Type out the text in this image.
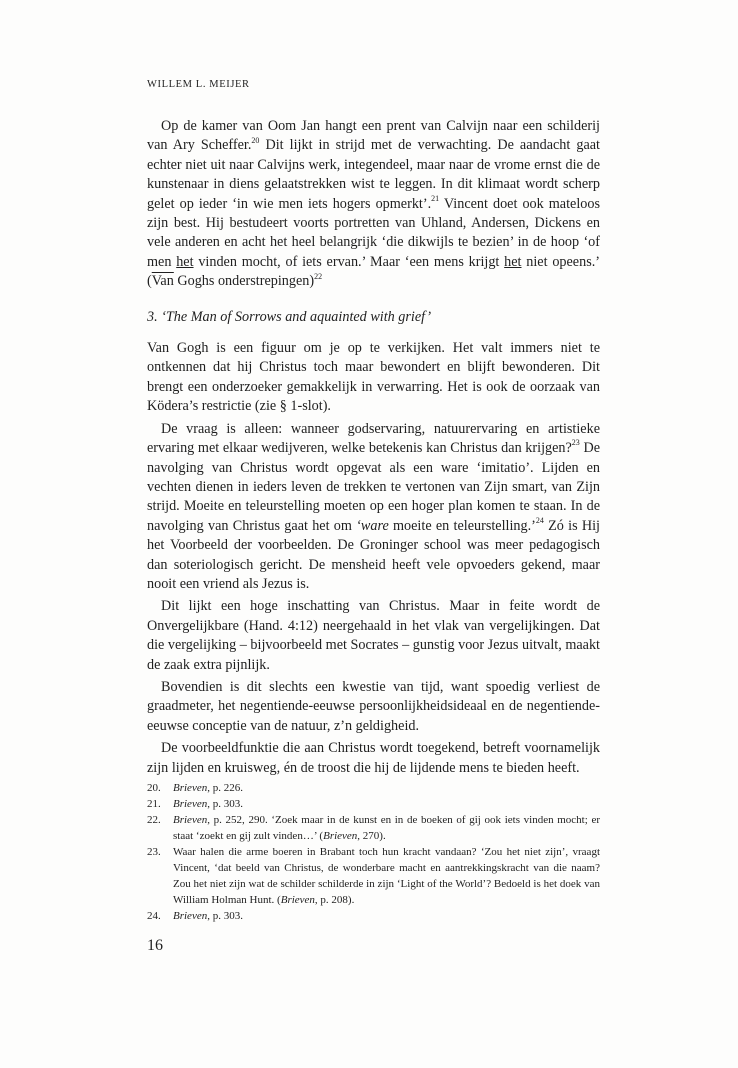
WILLEM L. MEIJER

Op de kamer van Oom Jan hangt een prent van Calvijn naar een schilderij van Ary Scheffer.$^{20}$ Dit lijkt in strijd met de verwachting. De aandacht gaat echter niet uit naar Calvijns werk, integendeel, maar naar de vrome ernst die de kunstenaar in diens gelaatstrekken wist te leggen. In dit klimaat wordt scherp gelet op ieder ‘in wie men iets hogers opmerkt’.$^{21}$ Vincent doet ook mateloos zijn best. Hij bestudeert voorts portretten van Uhland, Andersen, Dickens en vele anderen en acht het heel belangrijk ‘die dikwijls te bezien’ in de hoop ‘of men het vinden mocht, of iets ervan.’ Maar ‘een mens krijgt het niet opeens.’ ($\overline{Van}$ Goghs onderstrepingen)$^{22}$

3. ‘The Man of Sorrows and aquainted with grief’

Van Gogh is een figuur om je op te verkijken. Het valt immers niet te ontkennen dat hij Christus toch maar bewondert en blijft bewonderen. Dit brengt een onderzoeker gemakkelijk in verwarring. Het is ook de oorzaak van Ködera’s restrictie (zie § 1-slot).

De vraag is alleen: wanneer godservaring, natuurervaring en artistieke ervaring met elkaar wedijveren, welke betekenis kan Christus dan krijgen?$^{23}$ De navolging van Christus wordt opgevat als een ware ‘imitatio’. Lijden en vechten dienen in ieders leven de trekken te vertonen van Zijn smart, van Zijn strijd. Moeite en teleurstelling moeten op een hoger plan komen te staan. In de navolging van Christus gaat het om ‘ware moeite en teleurstelling.’$^{24}$ Zó is Hij het Voorbeeld der voorbeelden. De Groninger school was meer pedagogisch dan soteriologisch gericht. De mensheid heeft vele opvoeders gekend, maar nooit een vriend als Jezus is.

Dit lijkt een hoge inschatting van Christus. Maar in feite wordt de Onvergelijkbare (Hand. 4:12) neergehaald in het vlak van vergelijkingen. Dat die vergelijking – bijvoorbeeld met Socrates – gunstig voor Jezus uitvalt, maakt de zaak extra pijnlijk.

Bovendien is dit slechts een kwestie van tijd, want spoedig verliest de graadmeter, het negentiende-eeuwse persoonlijkheidsideaal en de negentiende-eeuwse conceptie van de natuur, z’n geldigheid.

De voorbeeldfunktie die aan Christus wordt toegekend, betreft voornamelijk zijn lijden en kruisweg, én de troost die hij de lijdende mens te bieden heeft.

20.	Brieven, p. 226.
21.	Brieven, p. 303.
22.	Brieven, p. 252, 290. ‘Zoek maar in de kunst en in de boeken of gij ook iets vinden mocht; er staat ‘zoekt en gij zult vinden…’ (Brieven, 270).
23.	Waar halen die arme boeren in Brabant toch hun kracht vandaan? ‘Zou het niet zijn’, vraagt Vincent, ‘dat beeld van Christus, de wonderbare macht en aantrekkingskracht van die naam? Zou het niet zijn wat de schilder schilderde in zijn ‘Light of the World’? Bedoeld is het doek van William Holman Hunt. (Brieven, p. 208).
24.	Brieven, p. 303.
16
